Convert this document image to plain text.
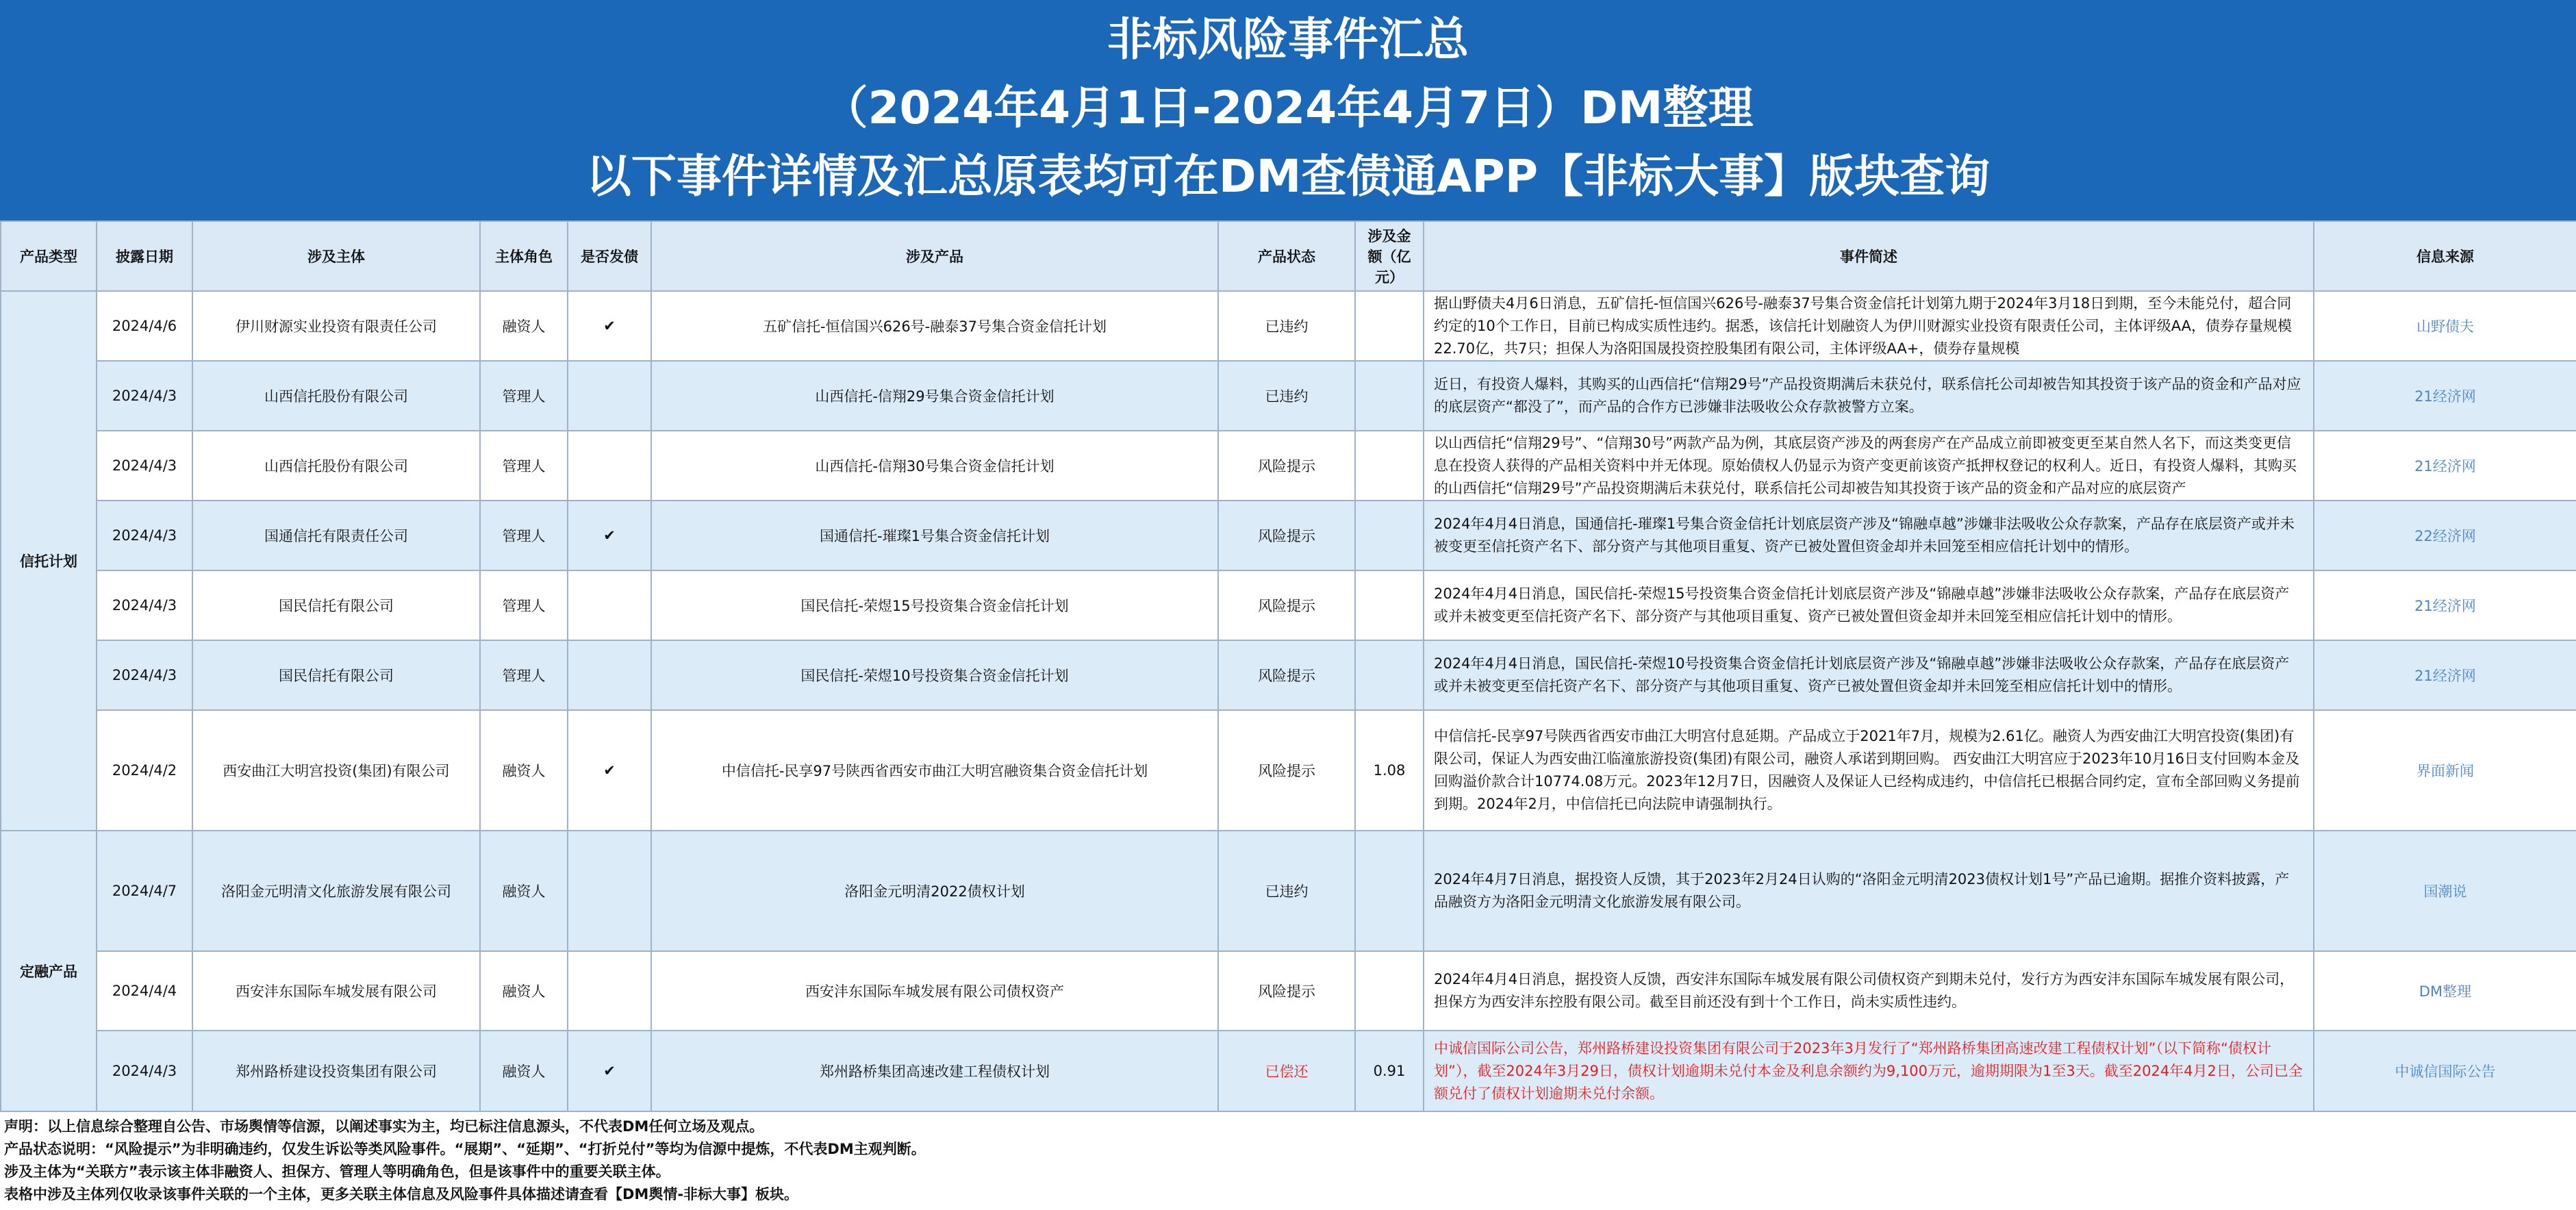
非标风险事件汇总
（2024年4月1日-2024年4月7日）DM整理
以下事件详情及汇总原表均可在DM查债通APP【非标大事】版块查询
产品类型	披露日期	涉及主体	主体角色	是否发债	涉及产品	产品状态	涉及金额（亿元）	事件简述	信息来源
信托计划	2024/4/6	伊川财源实业投资有限责任公司	融资人	✔	五矿信托-恒信国兴626号-融泰37号集合资金信托计划	已违约		据山野债夫4月6日消息，五矿信托-恒信国兴626号-融泰37号集合资金信托计划第九期于2024年3月18日到期，至今未能兑付，超合同约定的10个工作日，目前已构成实质性违约。据悉，该信托计划融资人为伊川财源实业投资有限责任公司，主体评级AA，债券存量规模22.70亿，共7只；担保人为洛阳国晟投资控股集团有限公司，主体评级AA+，债券存量规模	山野债夫
	2024/4/3	山西信托股份有限公司	管理人		山西信托-信翔29号集合资金信托计划	已违约		近日，有投资人爆料，其购买的山西信托“信翔29号”产品投资期满后未获兑付，联系信托公司却被告知其投资于该产品的资金和产品对应的底层资产“都没了”，而产品的合作方已涉嫌非法吸收公众存款被警方立案。	21经济网
	2024/4/3	山西信托股份有限公司	管理人		山西信托-信翔30号集合资金信托计划	风险提示		以山西信托“信翔29号”、“信翔30号”两款产品为例，其底层资产涉及的两套房产在产品成立前即被变更至某自然人名下，而这类变更信息在投资人获得的产品相关资料中并无体现。原始债权人仍显示为资产变更前该资产抵押权登记的权利人。近日，有投资人爆料，其购买的山西信托“信翔29号”产品投资期满后未获兑付，联系信托公司却被告知其投资于该产品的资金和产品对应的底层资产	21经济网
	2024/4/3	国通信托有限责任公司	管理人	✔	国通信托-璀璨1号集合资金信托计划	风险提示		2024年4月4日消息，国通信托-璀璨1号集合资金信托计划底层资产涉及“锦融卓越”涉嫌非法吸收公众存款案，产品存在底层资产或并未被变更至信托资产名下、部分资产与其他项目重复、资产已被处置但资金却并未回笼至相应信托计划中的情形。	22经济网
	2024/4/3	国民信托有限公司	管理人		国民信托-荣煜15号投资集合资金信托计划	风险提示		2024年4月4日消息，国民信托-荣煜15号投资集合资金信托计划底层资产涉及“锦融卓越”涉嫌非法吸收公众存款案，产品存在底层资产或并未被变更至信托资产名下、部分资产与其他项目重复、资产已被处置但资金却并未回笼至相应信托计划中的情形。	21经济网
	2024/4/3	国民信托有限公司	管理人		国民信托-荣煜10号投资集合资金信托计划	风险提示		2024年4月4日消息，国民信托-荣煜10号投资集合资金信托计划底层资产涉及“锦融卓越”涉嫌非法吸收公众存款案，产品存在底层资产或并未被变更至信托资产名下、部分资产与其他项目重复、资产已被处置但资金却并未回笼至相应信托计划中的情形。	21经济网
	2024/4/2	西安曲江大明宫投资(集团)有限公司	融资人	✔	中信信托-民享97号陕西省西安市曲江大明宫融资集合资金信托计划	风险提示	1.08	中信信托-民享97号陕西省西安市曲江大明宫付息延期。产品成立于2021年7月，规模为2.61亿。融资人为西安曲江大明宫投资(集团)有限公司，保证人为西安曲江临潼旅游投资(集团)有限公司，融资人承诺到期回购。 西安曲江大明宫应于2023年10月16日支付回购本金及回购溢价款合计10774.08万元。2023年12月7日，因融资人及保证人已经构成违约，中信信托已根据合同约定，宣布全部回购义务提前到期。2024年2月，中信信托已向法院申请强制执行。	界面新闻
定融产品	2024/4/7	洛阳金元明清文化旅游发展有限公司	融资人		洛阳金元明清2022债权计划	已违约		2024年4月7日消息，据投资人反馈，其于2023年2月24日认购的“洛阳金元明清2023债权计划1号”产品已逾期。据推介资料披露，产品融资方为洛阳金元明清文化旅游发展有限公司。	国潮说
	2024/4/4	西安沣东国际车城发展有限公司	融资人		西安沣东国际车城发展有限公司债权资产	风险提示		2024年4月4日消息，据投资人反馈，西安沣东国际车城发展有限公司债权资产到期未兑付，发行方为西安沣东国际车城发展有限公司，担保方为西安沣东控股有限公司。截至目前还没有到十个工作日，尚未实质性违约。	DM整理
	2024/4/3	郑州路桥建设投资集团有限公司	融资人	✔	郑州路桥集团高速改建工程债权计划	已偿还	0.91	中诚信国际公司公告，郑州路桥建设投资集团有限公司于2023年3月发行了“郑州路桥集团高速改建工程债权计划”（以下简称“债权计划”），截至2024年3月29日，债权计划逾期未兑付本金及利息余额约为9,100万元，逾期期限为1至3天。截至2024年4月2日，公司已全额兑付了债权计划逾期未兑付余额。	中诚信国际公告
声明：以上信息综合整理自公告、市场舆情等信源，以阐述事实为主，均已标注信息源头，不代表DM任何立场及观点。
产品状态说明：“风险提示”为非明确违约，仅发生诉讼等类风险事件。“展期”、“延期”、“打折兑付”等均为信源中提炼，不代表DM主观判断。
涉及主体为“关联方”表示该主体非融资人、担保方、管理人等明确角色，但是该事件中的重要关联主体。
表格中涉及主体列仅收录该事件关联的一个主体，更多关联主体信息及风险事件具体描述请查看【DM舆情-非标大事】板块。
